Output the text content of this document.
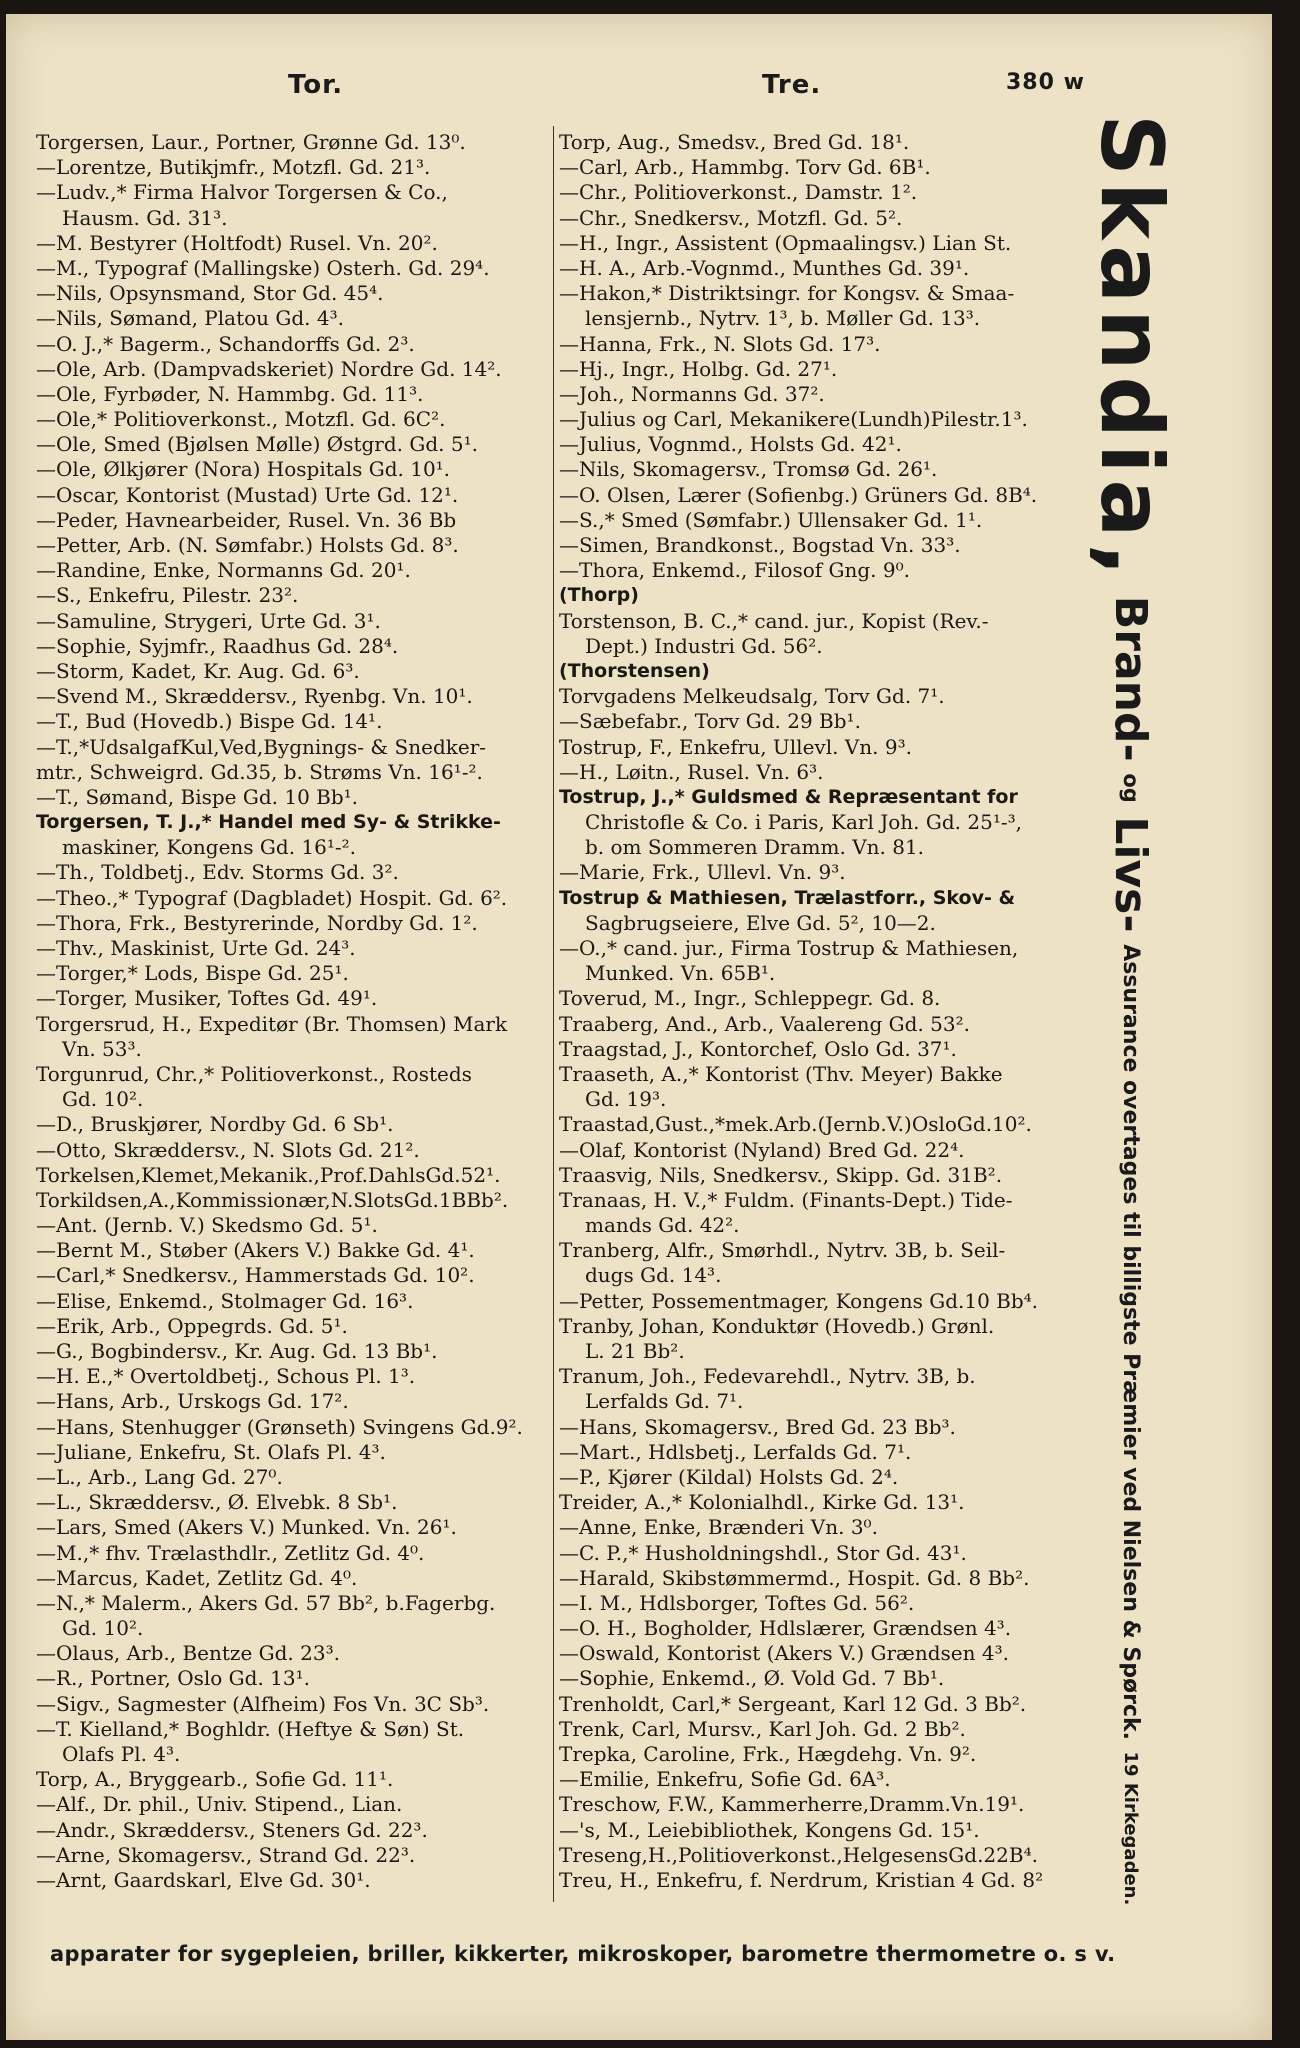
Tor.	Tre.	380 w
Torgersen, Laur., Portner, Grønne Gd. 13⁰.
—Lorentze, Butikjmfr., Motzfl. Gd. 21³.
—Ludv.,* Firma Halvor Torgersen & Co.,
Hausm. Gd. 31³.
—M. Bestyrer (Holtfodt) Rusel. Vn. 20².
—M., Typograf (Mallingske) Osterh. Gd. 29⁴.
—Nils, Opsynsmand, Stor Gd. 45⁴.
—Nils, Sømand, Platou Gd. 4³.
—O. J.,* Bagerm., Schandorffs Gd. 2³.
—Ole, Arb. (Dampvadskeriet) Nordre Gd. 14².
—Ole, Fyrbøder, N. Hammbg. Gd. 11³.
—Ole,* Politioverkonst., Motzfl. Gd. 6C².
—Ole, Smed (Bjølsen Mølle) Østgrd. Gd. 5¹.
—Ole, Ølkjører (Nora) Hospitals Gd. 10¹.
—Oscar, Kontorist (Mustad) Urte Gd. 12¹.
—Peder, Havnearbeider, Rusel. Vn. 36 Bb
—Petter, Arb. (N. Sømfabr.) Holsts Gd. 8³.
—Randine, Enke, Normanns Gd. 20¹.
—S., Enkefru, Pilestr. 23².
—Samuline, Strygeri, Urte Gd. 3¹.
—Sophie, Syjmfr., Raadhus Gd. 28⁴.
—Storm, Kadet, Kr. Aug. Gd. 6³.
—Svend M., Skræddersv., Ryenbg. Vn. 10¹.
—T., Bud (Hovedb.) Bispe Gd. 14¹.
—T.,*UdsalgafKul,Ved,Bygnings- & Snedker-
mtr., Schweigrd. Gd.35, b. Strøms Vn. 16¹-².
—T., Sømand, Bispe Gd. 10 Bb¹.
Torgersen, T. J.,* Handel med Sy- & Strikke-
maskiner, Kongens Gd. 16¹-².
—Th., Toldbetj., Edv. Storms Gd. 3².
—Theo.,* Typograf (Dagbladet) Hospit. Gd. 6².
—Thora, Frk., Bestyrerinde, Nordby Gd. 1².
—Thv., Maskinist, Urte Gd. 24³.
—Torger,* Lods, Bispe Gd. 25¹.
—Torger, Musiker, Toftes Gd. 49¹.
Torgersrud, H., Expeditør (Br. Thomsen) Mark
Vn. 53³.
Torgunrud, Chr.,* Politioverkonst., Rosteds
Gd. 10².
—D., Bruskjører, Nordby Gd. 6 Sb¹.
—Otto, Skræddersv., N. Slots Gd. 21².
Torkelsen,Klemet,Mekanik.,Prof.DahlsGd.52¹.
Torkildsen,A.,Kommissionær,N.SlotsGd.1BBb².
—Ant. (Jernb. V.) Skedsmo Gd. 5¹.
—Bernt M., Støber (Akers V.) Bakke Gd. 4¹.
—Carl,* Snedkersv., Hammerstads Gd. 10².
—Elise, Enkemd., Stolmager Gd. 16³.
—Erik, Arb., Oppegrds. Gd. 5¹.
—G., Bogbindersv., Kr. Aug. Gd. 13 Bb¹.
—H. E.,* Overtoldbetj., Schous Pl. 1³.
—Hans, Arb., Urskogs Gd. 17².
—Hans, Stenhugger (Grønseth) Svingens Gd.9².
—Juliane, Enkefru, St. Olafs Pl. 4³.
—L., Arb., Lang Gd. 27⁰.
—L., Skræddersv., Ø. Elvebk. 8 Sb¹.
—Lars, Smed (Akers V.) Munked. Vn. 26¹.
—M.,* fhv. Trælasthdlr., Zetlitz Gd. 4⁰.
—Marcus, Kadet, Zetlitz Gd. 4⁰.
—N.,* Malerm., Akers Gd. 57 Bb², b.Fagerbg.
Gd. 10².
—Olaus, Arb., Bentze Gd. 23³.
—R., Portner, Oslo Gd. 13¹.
—Sigv., Sagmester (Alfheim) Fos Vn. 3C Sb³.
—T. Kielland,* Boghldr. (Heftye & Søn) St.
Olafs Pl. 4³.
Torp, A., Bryggearb., Sofie Gd. 11¹.
—Alf., Dr. phil., Univ. Stipend., Lian.
—Andr., Skræddersv., Steners Gd. 22³.
—Arne, Skomagersv., Strand Gd. 22³.
—Arnt, Gaardskarl, Elve Gd. 30¹.
Torp, Aug., Smedsv., Bred Gd. 18¹.
—Carl, Arb., Hammbg. Torv Gd. 6B¹.
—Chr., Politioverkonst., Damstr. 1².
—Chr., Snedkersv., Motzfl. Gd. 5².
—H., Ingr., Assistent (Opmaalingsv.) Lian St.
—H. A., Arb.-Vognmd., Munthes Gd. 39¹.
—Hakon,* Distriktsingr. for Kongsv. & Smaa-
lensjernb., Nytrv. 1³, b. Møller Gd. 13³.
—Hanna, Frk., N. Slots Gd. 17³.
—Hj., Ingr., Holbg. Gd. 27¹.
—Joh., Normanns Gd. 37².
—Julius og Carl, Mekanikere(Lundh)Pilestr.1³.
—Julius, Vognmd., Holsts Gd. 42¹.
—Nils, Skomagersv., Tromsø Gd. 26¹.
—O. Olsen, Lærer (Sofienbg.) Grüners Gd. 8B⁴.
—S.,* Smed (Sømfabr.) Ullensaker Gd. 1¹.
—Simen, Brandkonst., Bogstad Vn. 33³.
—Thora, Enkemd., Filosof Gng. 9⁰.
(Thorp)
Torstenson, B. C.,* cand. jur., Kopist (Rev.-
Dept.) Industri Gd. 56².
(Thorstensen)
Torvgadens Melkeudsalg, Torv Gd. 7¹.
—Sæbefabr., Torv Gd. 29 Bb¹.
Tostrup, F., Enkefru, Ullevl. Vn. 9³.
—H., Løitn., Rusel. Vn. 6³.
Tostrup, J.,* Guldsmed & Repræsentant for
Christofle & Co. i Paris, Karl Joh. Gd. 25¹-³,
b. om Sommeren Dramm. Vn. 81.
—Marie, Frk., Ullevl. Vn. 9³.
Tostrup & Mathiesen, Trælastforr., Skov- &
Sagbrugseiere, Elve Gd. 5², 10—2.
—O.,* cand. jur., Firma Tostrup & Mathiesen,
Munked. Vn. 65B¹.
Toverud, M., Ingr., Schleppegr. Gd. 8.
Traaberg, And., Arb., Vaalereng Gd. 53².
Traagstad, J., Kontorchef, Oslo Gd. 37¹.
Traaseth, A.,* Kontorist (Thv. Meyer) Bakke
Gd. 19³.
Traastad,Gust.,*mek.Arb.(Jernb.V.)OsloGd.10².
—Olaf, Kontorist (Nyland) Bred Gd. 22⁴.
Traasvig, Nils, Snedkersv., Skipp. Gd. 31B².
Tranaas, H. V.,* Fuldm. (Finants-Dept.) Tide-
mands Gd. 42².
Tranberg, Alfr., Smørhdl., Nytrv. 3B, b. Seil-
dugs Gd. 14³.
—Petter, Possementmager, Kongens Gd.10 Bb⁴.
Tranby, Johan, Konduktør (Hovedb.) Grønl.
L. 21 Bb².
Tranum, Joh., Fedevarehdl., Nytrv. 3B, b.
Lerfalds Gd. 7¹.
—Hans, Skomagersv., Bred Gd. 23 Bb³.
—Mart., Hdlsbetj., Lerfalds Gd. 7¹.
—P., Kjører (Kildal) Holsts Gd. 2⁴.
Treider, A.,* Kolonialhdl., Kirke Gd. 13¹.
—Anne, Enke, Brænderi Vn. 3⁰.
—C. P.,* Husholdningshdl., Stor Gd. 43¹.
—Harald, Skibstømmermd., Hospit. Gd. 8 Bb².
—I. M., Hdlsborger, Toftes Gd. 56².
—O. H., Bogholder, Hdlslærer, Grændsen 4³.
—Oswald, Kontorist (Akers V.) Grændsen 4³.
—Sophie, Enkemd., Ø. Vold Gd. 7 Bb¹.
Trenholdt, Carl,* Sergeant, Karl 12 Gd. 3 Bb².
Trenk, Carl, Mursv., Karl Joh. Gd. 2 Bb².
Trepka, Caroline, Frk., Hægdehg. Vn. 9².
—Emilie, Enkefru, Sofie Gd. 6A³.
Treschow, F.W., Kammerherre,Dramm.Vn.19¹.
—'s, M., Leiebibliothek, Kongens Gd. 15¹.
Treseng,H.,Politioverkonst.,HelgesensGd.22B⁴.
Treu, H., Enkefru, f. Nerdrum, Kristian 4 Gd. 8²
apparater for sygepleien, briller, kikkerter, mikroskoper, barometre thermometre o. s v.
Skandia, Brand- og Livs- Assurance overtages til billigste Præmier ved Nielsen & Spørck. 19 Kirkegaden.
